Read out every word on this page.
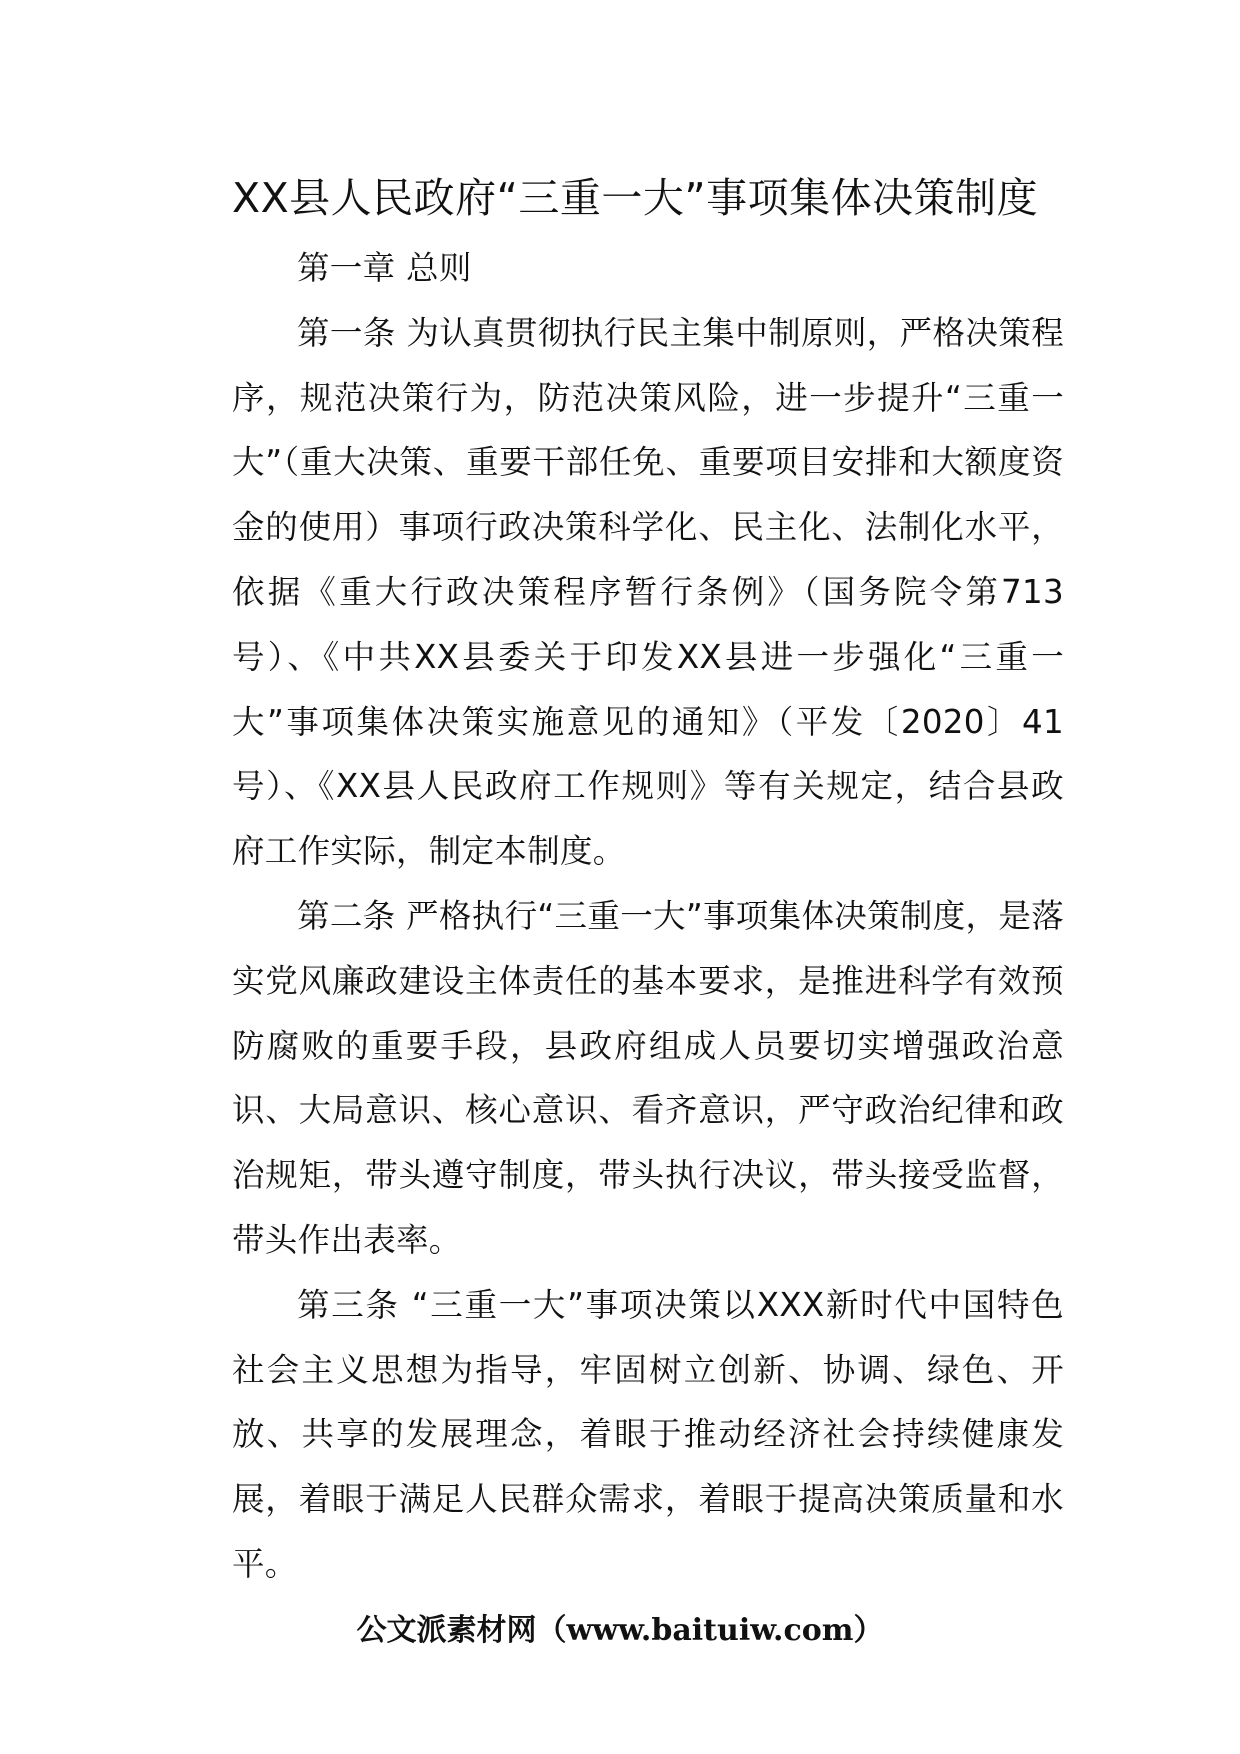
XX县人民政府“三重一大”事项集体决策制度

第一章 总则

第一条 为认真贯彻执行民主集中制原则，严格决策程序，规范决策行为，防范决策风险，进一步提升“三重一大”（重大决策、重要干部任免、重要项目安排和大额度资金的使用）事项行政决策科学化、民主化、法制化水平，依据《重大行政决策程序暂行条例》（国务院令第713号）、《中共XX县委关于印发XX县进一步强化“三重一大”事项集体决策实施意见的通知》（平发〔2020〕41号）、《XX县人民政府工作规则》等有关规定，结合县政府工作实际，制定本制度。

第二条 严格执行“三重一大”事项集体决策制度，是落实党风廉政建设主体责任的基本要求，是推进科学有效预防腐败的重要手段，县政府组成人员要切实增强政治意识、大局意识、核心意识、看齐意识，严守政治纪律和政治规矩，带头遵守制度，带头执行决议，带头接受监督，带头作出表率。

第三条 “三重一大”事项决策以XXX新时代中国特色社会主义思想为指导，牢固树立创新、协调、绿色、开放、共享的发展理念，着眼于推动经济社会持续健康发展，着眼于满足人民群众需求，着眼于提高决策质量和水平。

公文派素材网（www.baituiw.com）
